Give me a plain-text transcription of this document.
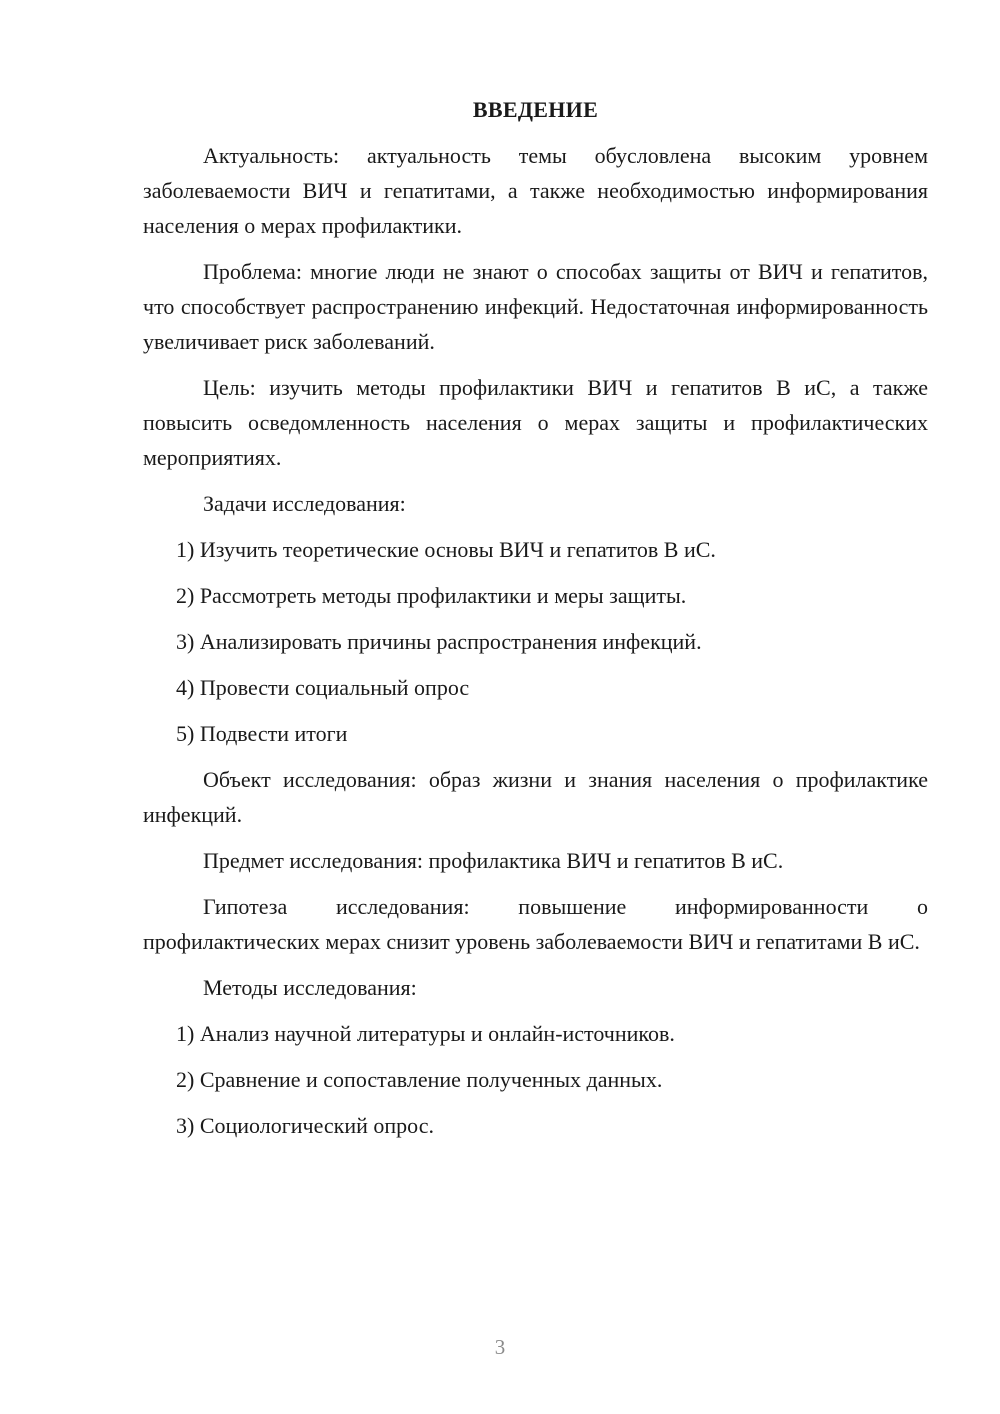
ВВЕДЕНИЕ

Актуальность: актуальность темы обусловлена высоким уровнем заболеваемости ВИЧ и гепатитами, а также необходимостью информирования населения о мерах профилактики.

Проблема: многие люди не знают о способах защиты от ВИЧ и гепатитов, что способствует распространению инфекций. Недостаточная информированность увеличивает риск заболеваний.

Цель: изучить методы профилактики ВИЧ и гепатитов В иС, а также повысить осведомленность населения о мерах защиты и профилактических мероприятиях.

Задачи исследования:

1) Изучить теоретические основы ВИЧ и гепатитов В иС.

2) Рассмотреть методы профилактики и меры защиты.

3) Анализировать причины распространения инфекций.

4) Провести социальный опрос

5) Подвести итоги

Объект исследования: образ жизни и знания населения о профилактике инфекций.

Предмет исследования: профилактика ВИЧ и гепатитов В иС.

Гипотеза исследования: повышение информированности о профилактических мерах снизит уровень заболеваемости ВИЧ и гепатитами В иС.

Методы исследования:

1) Анализ научной литературы и онлайн-источников.

2) Сравнение и сопоставление полученных данных.

3) Социологический опрос.

3
